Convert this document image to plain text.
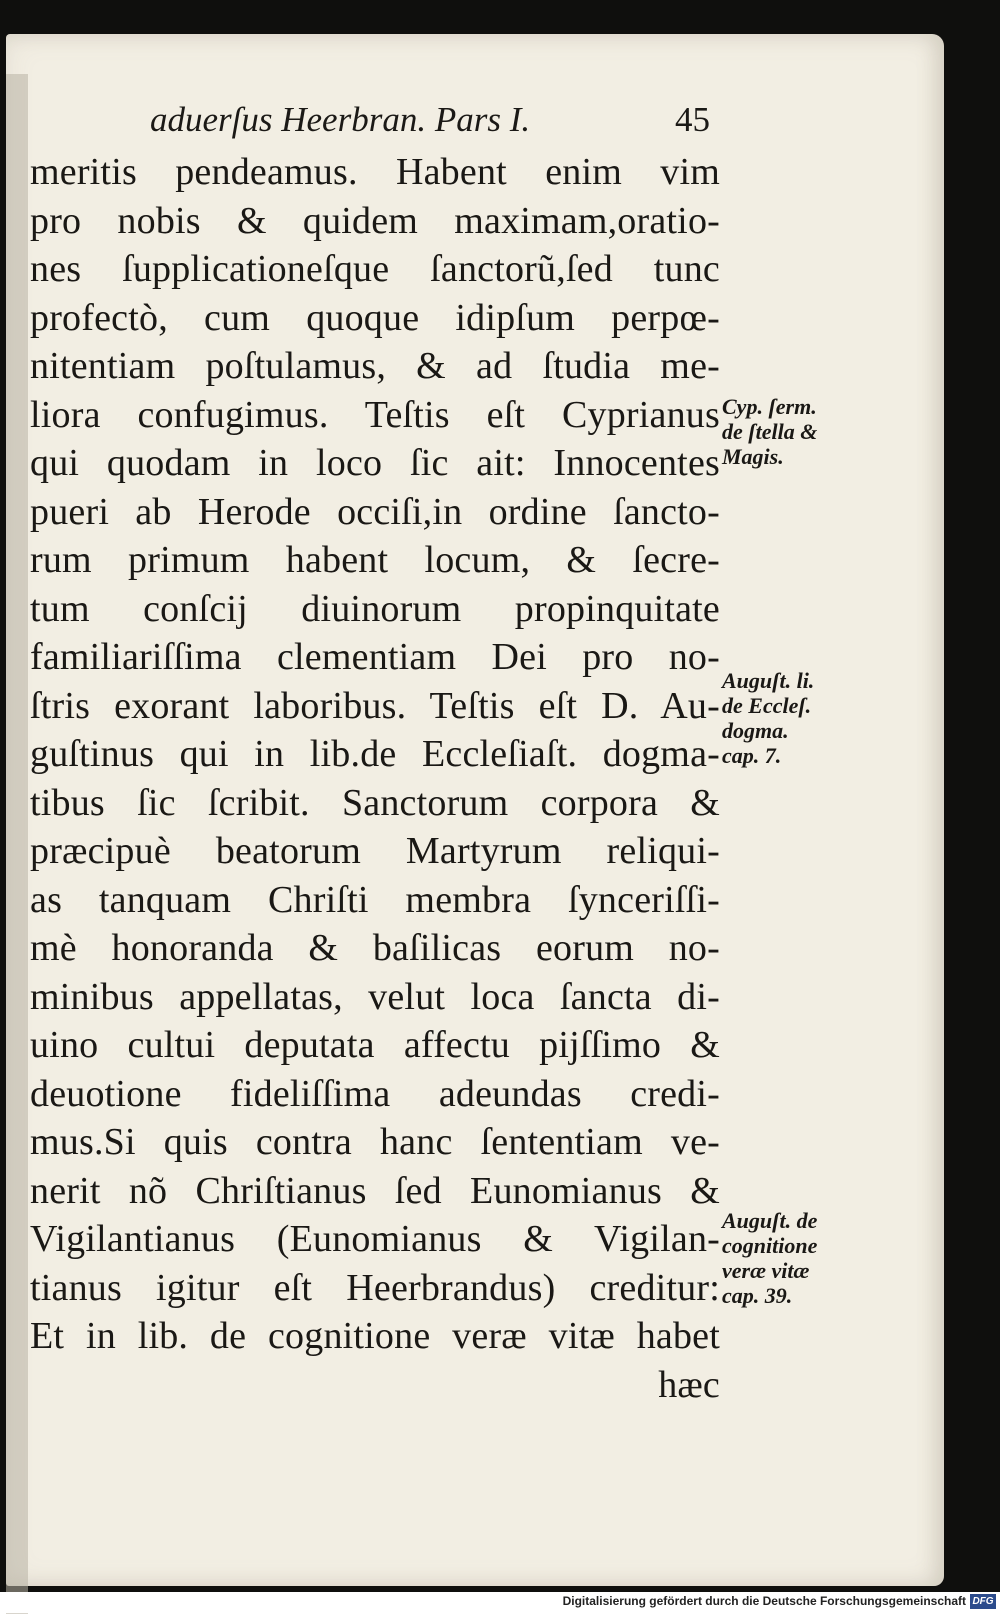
aduerſus Heerbran. Pars I.	45
meritis pendeamus. Habent enim vim
pro nobis & quidem maximam,oratio-
nes ſupplicationeſque ſanctorũ,ſed tunc
profectò, cum quoque idipſum perpœ-
nitentiam poſtulamus, & ad ſtudia me-
liora confugimus. Teſtis eſt Cyprianus
qui quodam in loco ſic ait: Innocentes
pueri ab Herode occiſi,in ordine ſancto-
rum primum habent locum, & ſecre-
tum conſcij diuinorum propinquitate
familiariſſima clementiam Dei pro no-
ſtris exorant laboribus. Teſtis eſt D. Au-
guſtinus qui in lib.de Eccleſiaſt. dogma-
tibus ſic ſcribit. Sanctorum corpora &
præcipuè beatorum Martyrum reliqui-
as tanquam Chriſti membra ſynceriſſi-
mè honoranda & baſilicas eorum no-
minibus appellatas, velut loca ſancta di-
uino cultui deputata affectu pijſſimo &
deuotione fideliſſima adeundas credi-
mus.Si quis contra hanc ſententiam ve-
nerit nõ Chriſtianus ſed Eunomianus &
Vigilantianus (Eunomianus & Vigilan-
tianus igitur eſt Heerbrandus) creditur:
Et in lib. de cognitione veræ vitæ habet
hæc
Cyp. ſerm.
de ſtella &
Magis.
Auguſt. li.
de Eccleſ.
dogma.
cap. 7.
Auguſt. de
cognitione
veræ vitæ
cap. 39.
Digitalisierung gefördert durch die Deutsche Forschungsgemeinschaft DFG
